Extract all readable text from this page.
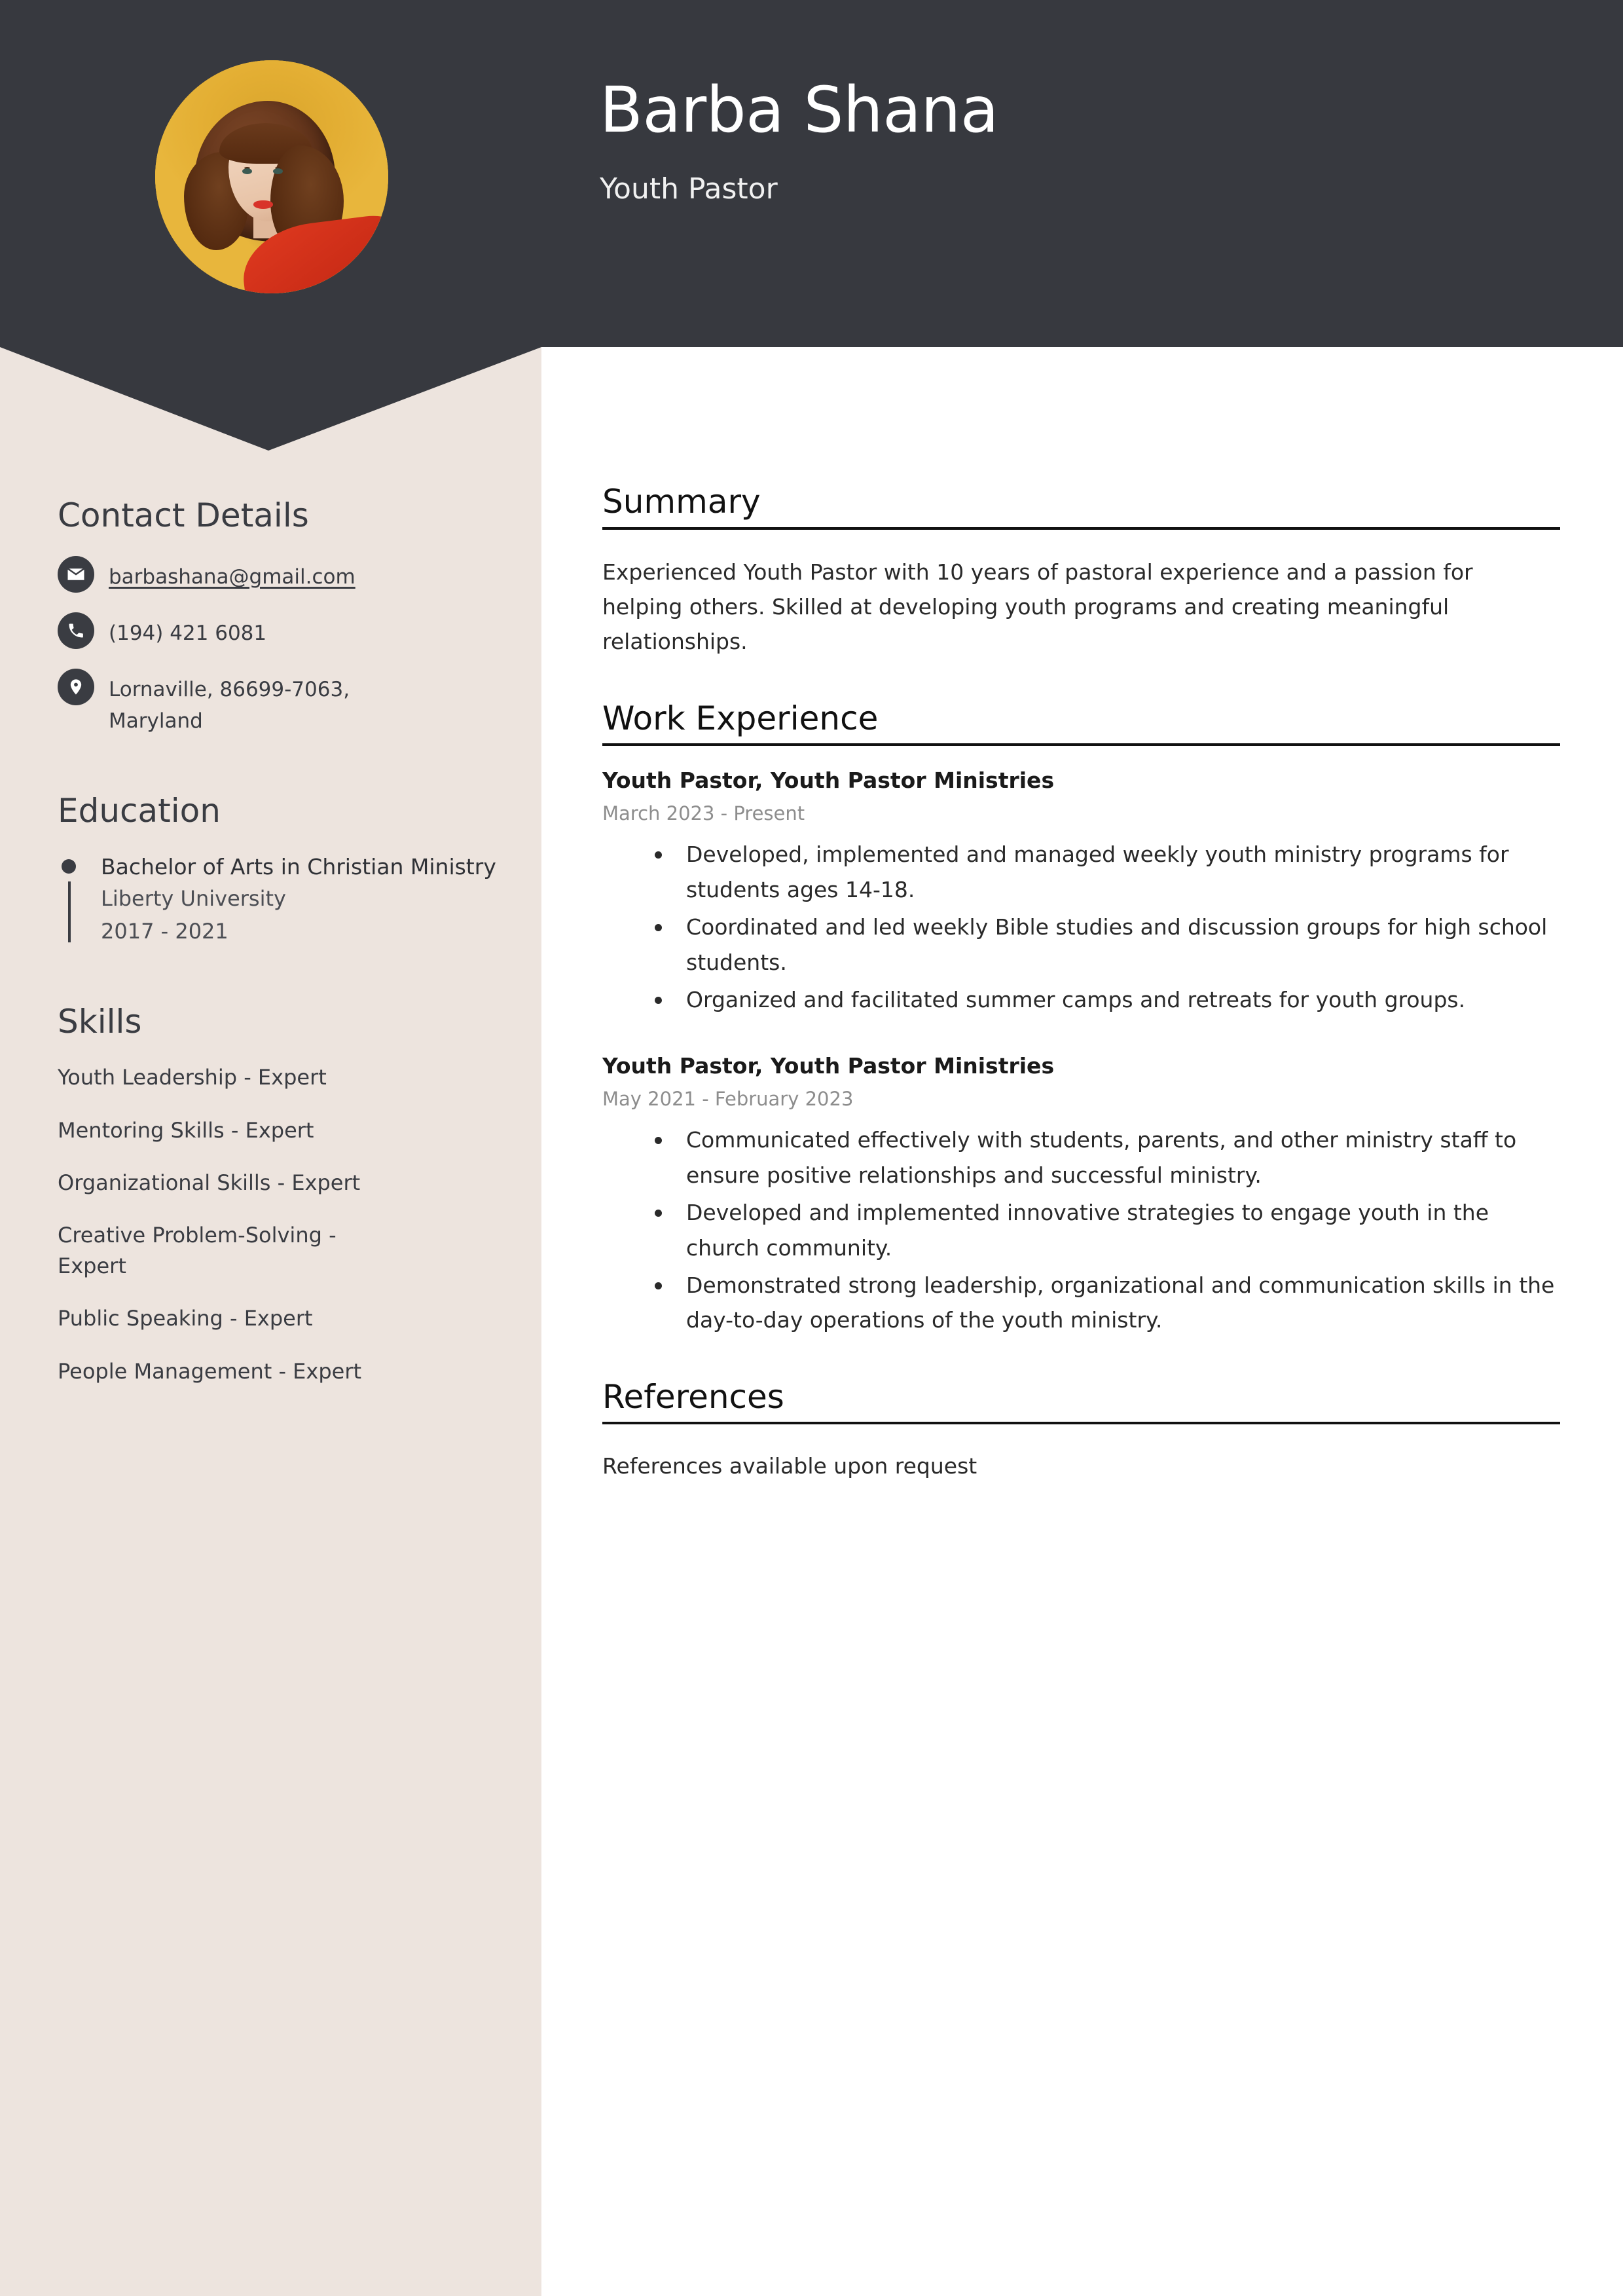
Barba Shana
Youth Pastor
Contact Details
barbashana@gmail.com
(194) 421 6081
Lornaville, 86699-7063, Maryland
Education
Bachelor of Arts in Christian Ministry
Liberty University
2017 - 2021
Skills
Youth Leadership - Expert
Mentoring Skills - Expert
Organizational Skills - Expert
Creative Problem-Solving - Expert
Public Speaking - Expert
People Management - Expert
Summary

Experienced Youth Pastor with 10 years of pastoral experience and a passion for helping others. Skilled at developing youth programs and creating meaningful relationships.

Work Experience
Youth Pastor, Youth Pastor Ministries
March 2023 - Present
Developed, implemented and managed weekly youth ministry programs for students ages 14-18.
Coordinated and led weekly Bible studies and discussion groups for high school students.
Organized and facilitated summer camps and retreats for youth groups.
Youth Pastor, Youth Pastor Ministries
May 2021 - February 2023
Communicated effectively with students, parents, and other ministry staff to ensure positive relationships and successful ministry.
Developed and implemented innovative strategies to engage youth in the church community.
Demonstrated strong leadership, organizational and communication skills in the day-to-day operations of the youth ministry.
References

References available upon request
